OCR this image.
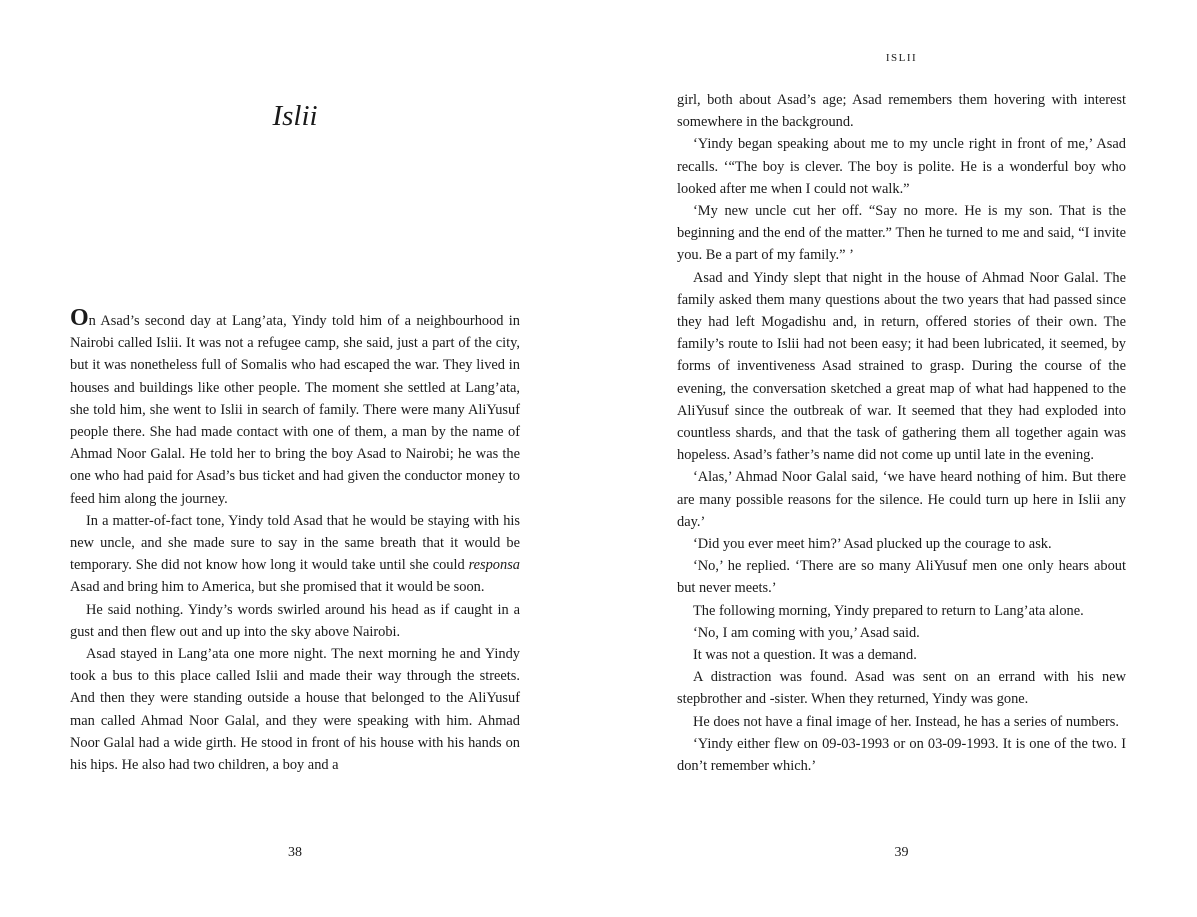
Islii

On Asad’s second day at Lang’ata, Yindy told him of a neighbourhood in Nairobi called Islii. It was not a refugee camp, she said, just a part of the city, but it was nonetheless full of Somalis who had escaped the war. They lived in houses and buildings like other people. The moment she settled at Lang’ata, she told him, she went to Islii in search of family. There were many AliYusuf people there. She had made contact with one of them, a man by the name of Ahmad Noor Galal. He told her to bring the boy Asad to Nairobi; he was the one who had paid for Asad’s bus ticket and had given the conductor money to feed him along the journey.

In a matter-of-fact tone, Yindy told Asad that he would be staying with his new uncle, and she made sure to say in the same breath that it would be temporary. She did not know how long it would take until she could responsa Asad and bring him to America, but she promised that it would be soon.

He said nothing. Yindy’s words swirled around his head as if caught in a gust and then flew out and up into the sky above Nairobi.

Asad stayed in Lang’ata one more night. The next morning he and Yindy took a bus to this place called Islii and made their way through the streets. And then they were standing outside a house that belonged to the AliYusuf man called Ahmad Noor Galal, and they were speaking with him. Ahmad Noor Galal had a wide girth. He stood in front of his house with his hands on his hips. He also had two children, a boy and a

38
ISLII

girl, both about Asad’s age; Asad remembers them hovering with interest somewhere in the background.

‘Yindy began speaking about me to my uncle right in front of me,’ Asad recalls. ‘“The boy is clever. The boy is polite. He is a wonderful boy who looked after me when I could not walk.”

‘My new uncle cut her off. “Say no more. He is my son. That is the beginning and the end of the matter.” Then he turned to me and said, “I invite you. Be a part of my family.” ’

Asad and Yindy slept that night in the house of Ahmad Noor Galal. The family asked them many questions about the two years that had passed since they had left Mogadishu and, in return, offered stories of their own. The family’s route to Islii had not been easy; it had been lubricated, it seemed, by forms of inventiveness Asad strained to grasp. During the course of the evening, the conversation sketched a great map of what had happened to the AliYusuf since the outbreak of war. It seemed that they had exploded into countless shards, and that the task of gathering them all together again was hopeless. Asad’s father’s name did not come up until late in the evening.

‘Alas,’ Ahmad Noor Galal said, ‘we have heard nothing of him. But there are many possible reasons for the silence. He could turn up here in Islii any day.’

‘Did you ever meet him?’ Asad plucked up the courage to ask.

‘No,’ he replied. ‘There are so many AliYusuf men one only hears about but never meets.’

The following morning, Yindy prepared to return to Lang’ata alone.

‘No, I am coming with you,’ Asad said.

It was not a question. It was a demand.

A distraction was found. Asad was sent on an errand with his new stepbrother and -sister. When they returned, Yindy was gone.

He does not have a final image of her. Instead, he has a series of numbers.

‘Yindy either flew on 09-03-1993 or on 03-09-1993. It is one of the two. I don’t remember which.’

39
